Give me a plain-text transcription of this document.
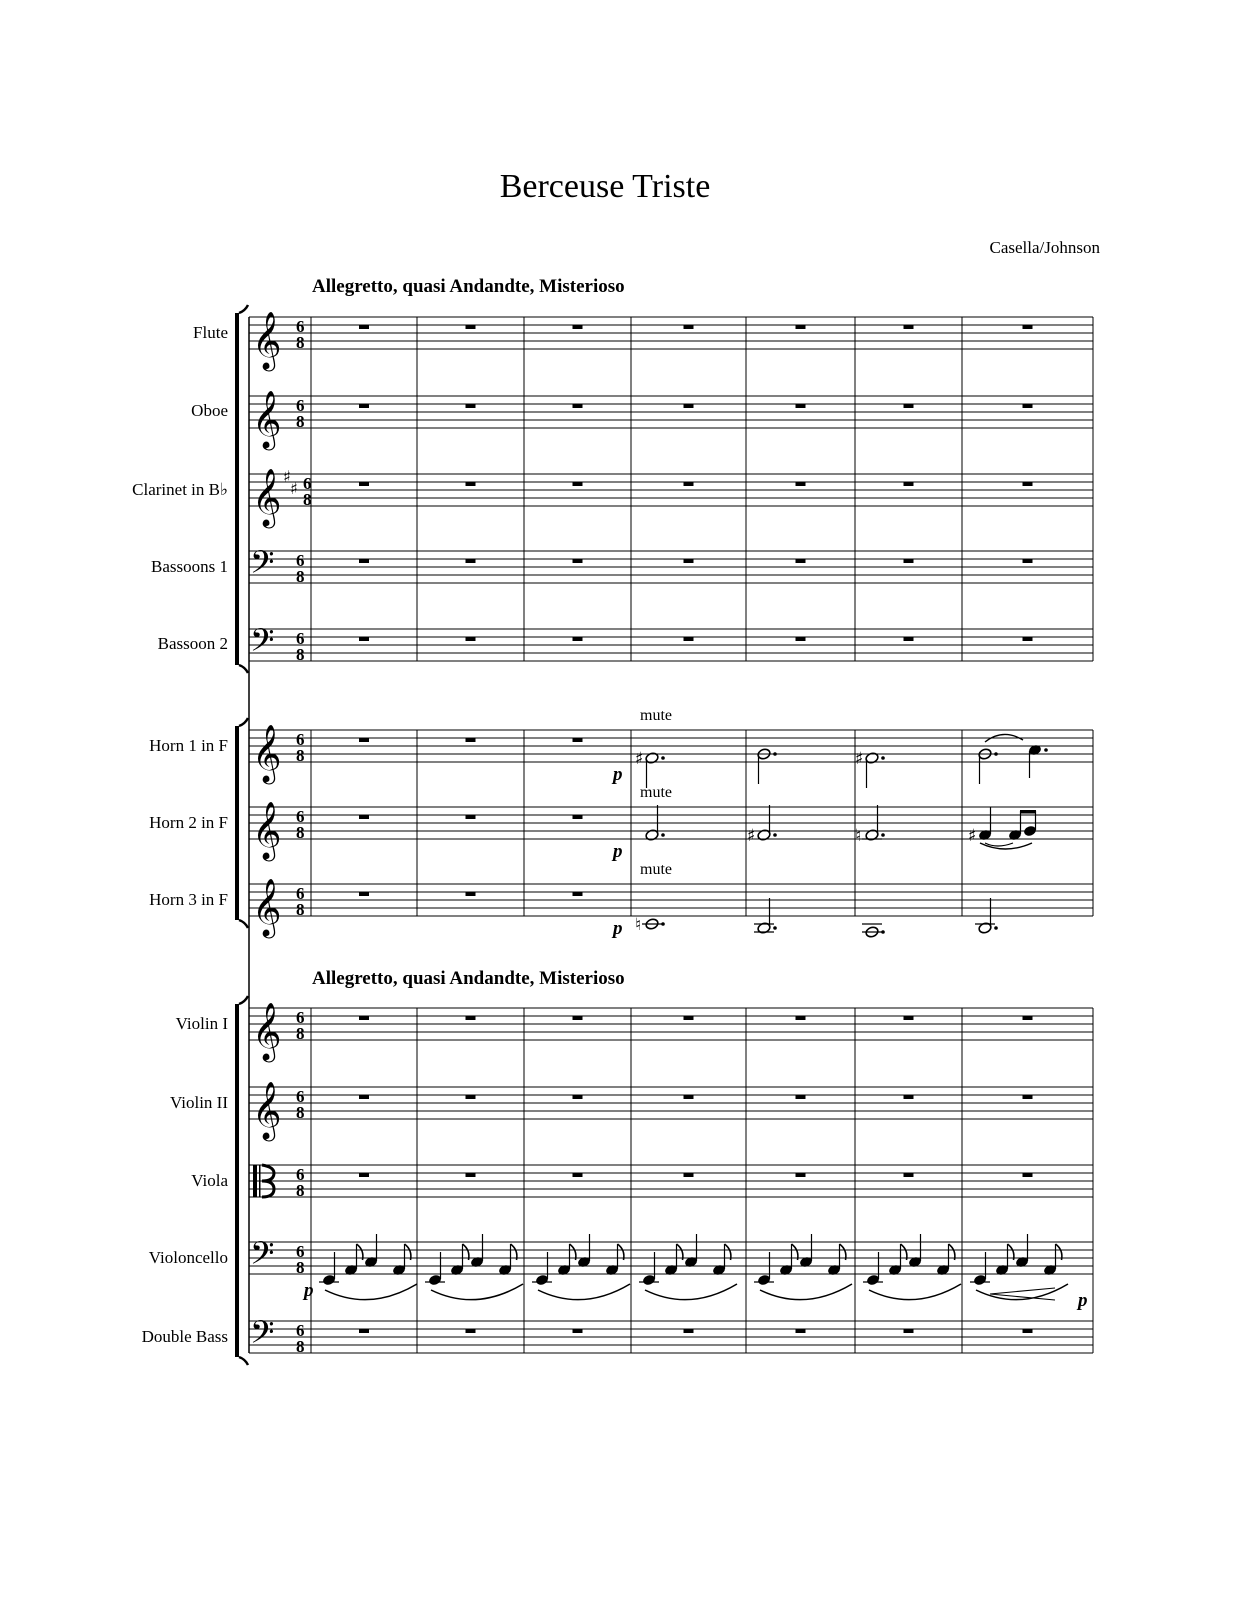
Berceuse Triste
Casella/Johnson
Allegretto, quasi Andandte, Misterioso
Allegretto, quasi Andandte, Misterioso
Flute
Oboe
Clarinet in B♭
Bassoons 1
Bassoon 2
Horn 1 in F
Horn 2 in F
Horn 3 in F
Violin I
Violin II
Viola
Violoncello
Double Bass
𝄞 6
8
𝄞 6
8
𝄞 ♯
♯ 6
8
𝄢 6
8
𝄢 6
8
𝄞 6
8
𝄞 6
8
𝄞 6
8
𝄞 6
8
𝄞 6
8
6
8
𝄢 6
8
𝄢 6
8
♯	♯
♯	♮	♯
♮
mute
p
mute
p
mute
p
p	p
